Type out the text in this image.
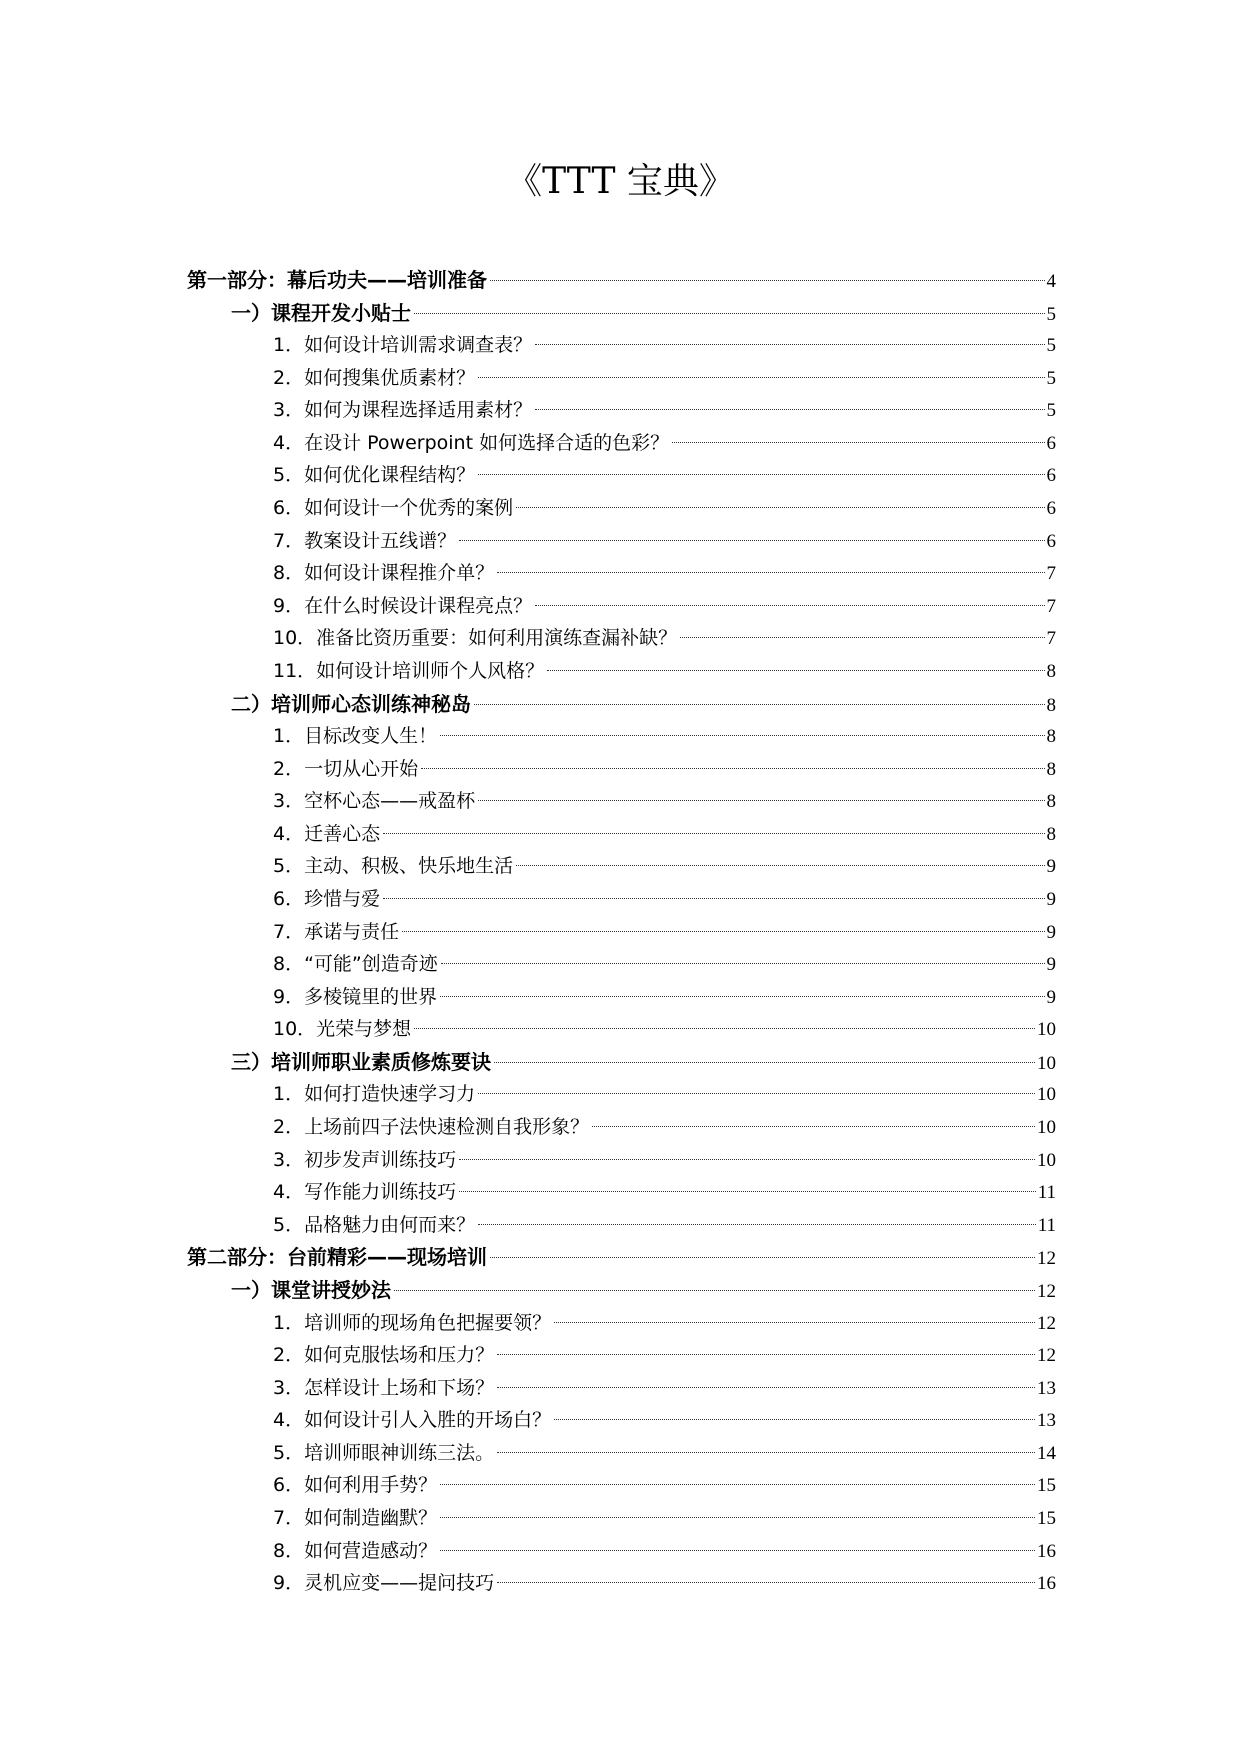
《TTT 宝典》
第一部分：幕后功夫——培训准备	4
一）课程开发小贴士	5
1．如何设计培训需求调查表？	5
2．如何搜集优质素材？	5
3．如何为课程选择适用素材？	5
4．在设计 Powerpoint 如何选择合适的色彩？	6
5．如何优化课程结构？	6
6．如何设计一个优秀的案例	6
7．教案设计五线谱？	6
8．如何设计课程推介单？	7
9．在什么时候设计课程亮点？	7
10．准备比资历重要：如何利用演练查漏补缺？	7
11．如何设计培训师个人风格？	8
二）培训师心态训练神秘岛	8
1．目标改变人生！	8
2．一切从心开始	8
3．空杯心态——戒盈杯	8
4．迁善心态	8
5．主动、积极、快乐地生活	9
6．珍惜与爱	9
7．承诺与责任	9
8．“可能”创造奇迹	9
9．多棱镜里的世界	9
10．光荣与梦想	10
三）培训师职业素质修炼要诀	10
1．如何打造快速学习力	10
2．上场前四子法快速检测自我形象？	10
3．初步发声训练技巧	10
4．写作能力训练技巧	11
5．品格魅力由何而来？	11
第二部分：台前精彩——现场培训	12
一）课堂讲授妙法	12
1．培训师的现场角色把握要领？	12
2．如何克服怯场和压力？	12
3．怎样设计上场和下场？	13
4．如何设计引人入胜的开场白？	13
5．培训师眼神训练三法。	14
6．如何利用手势？	15
7．如何制造幽默？	15
8．如何营造感动？	16
9．灵机应变——提问技巧	16
